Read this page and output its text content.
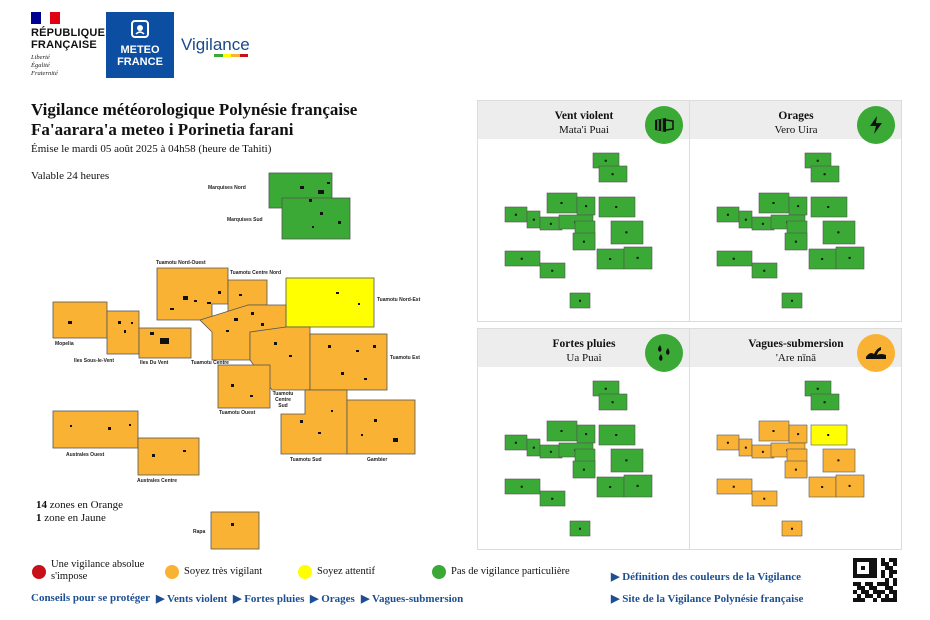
RÉPUBLIQUE
FRANÇAISE
Liberté
Égalité
Fraternité
METEO
FRANCE
Vigilance
Vigilance météorologique Polynésie française
Fa'aarara'a meteo i Porinetia farani
Émise le mardi 05 août 2025 à 04h58 (heure de Tahiti)
Valable 24 heures
Marquises Nord
Marquises Sud
Tuamotu Nord-Ouest
Tuamotu Centre Nord
Tuamotu Nord-Est
Mopelia
Iles Sous-le-Vent	Iles Du Vent	Tuamotu Centre
Tuamotu Est
Tuamotu Centre Sud
Tuamotu Ouest
Australes Ouest
Australes Centre
Tuamotu Sud	Gambier
Rapa
14 zones en Orange
1 zone en Jaune
Vent violent
Mata'i Puai
Orages
Vero Uira
Fortes pluies
Ua Puai
Vagues-submersion
'Are nīnā
Une vigilance absolue
s'impose	Soyez très vigilant	Soyez attentif	Pas de vigilance particulière
Conseils pour se protéger ▶ Vents violent ▶ Fortes pluies ▶ Orages ▶ Vagues-submersion
▶ Définition des couleurs de la Vigilance
▶ Site de la Vigilance Polynésie française
